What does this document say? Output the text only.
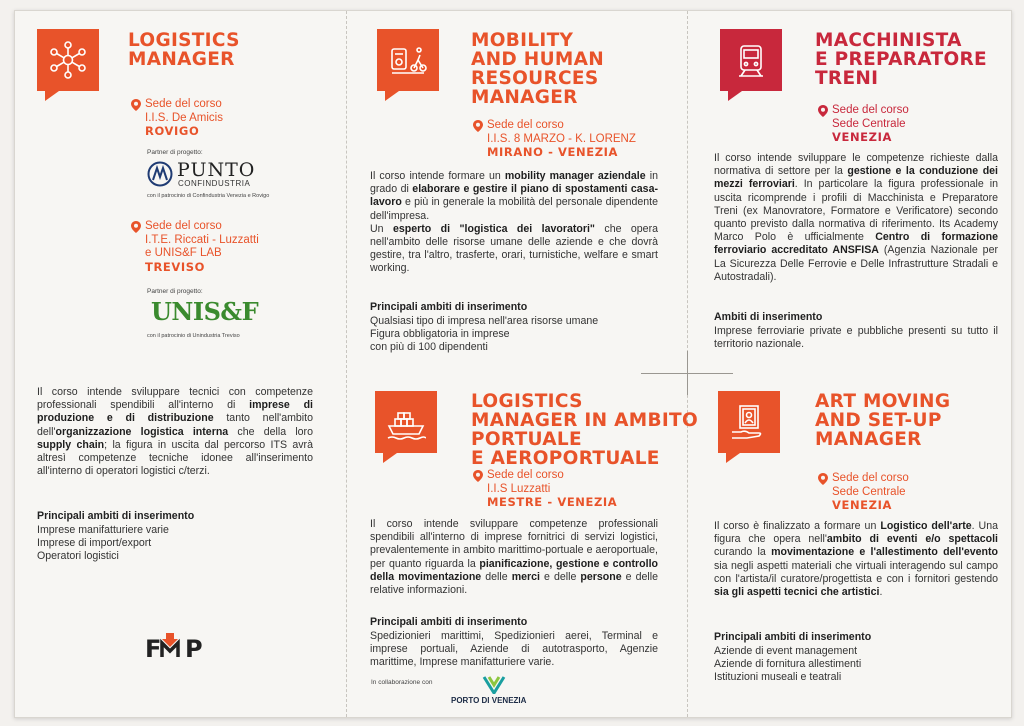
LOGISTICS
MANAGER
Sede del corso
I.I.S. De Amicis
ROVIGO
Partner di progetto:
PUNTO
CONFINDUSTRIA
con il patrocinio di Confindustria Venezia e Rovigo
Sede del corso
I.T.E. Riccati - Luzzatti
e UNIS&F LAB
TREVISO
Partner di progetto:
UNIS&F
con il patrocinio di Unindustria Treviso
Il corso intende sviluppare tecnici con competenze professionali spendibili all'interno di imprese di produzione e di distribuzione tanto nell'ambito dell'organizzazione logistica interna che della loro supply chain; la figura in uscita dal percorso ITS avrà altresì competenze tecniche idonee all'inserimento all'interno di operatori logistici c/terzi.
Principali ambiti di inserimento
Imprese manifatturiere varie
Imprese di import/export
Operatori logistici
F P
MOBILITY
AND HUMAN
RESOURCES
MANAGER
Sede del corso
I.I.S. 8 MARZO - K. LORENZ
MIRANO - VENEZIA
Il corso intende formare un mobility manager aziendale in grado di elaborare e gestire il piano di spostamenti casa-lavoro e più in generale la mobilità del personale dipendente dell'impresa.
Un esperto di "logistica dei lavoratori" che opera nell'ambito delle risorse umane delle aziende e che dovrà gestire, tra l'altro, trasferte, orari, turnistiche, welfare e smart working.
Principali ambiti di inserimento
Qualsiasi tipo di impresa nell'area risorse umane
Figura obbligatoria in imprese
con più di 100 dipendenti
LOGISTICS
MANAGER IN AMBITO
PORTUALE
E AEROPORTUALE
Sede del corso
I.I.S Luzzatti
MESTRE - VENEZIA
Il corso intende sviluppare competenze professionali spendibili all'interno di imprese fornitrici di servizi logistici, prevalentemente in ambito marittimo-portuale e aeroportuale, per quanto riguarda la pianificazione, gestione e controllo della movimentazione delle merci e delle persone e delle relative informazioni.
Principali ambiti di inserimento
Spedizionieri marittimi, Spedizionieri aerei, Terminal e imprese portuali, Aziende di autotrasporto, Agenzie marittime, Imprese manifatturiere varie.
In collaborazione con
PORTO DI VENEZIA
MACCHINISTA
E PREPARATORE
TRENI
Sede del corso
Sede Centrale
VENEZIA
Il corso intende sviluppare le competenze richieste dalla normativa di settore per la gestione e la conduzione dei mezzi ferroviari. In particolare la figura professionale in uscita ricomprende i profili di Macchinista e Preparatore Treni (ex Manovratore, Formatore e Verificatore) secondo quanto previsto dalla normativa di riferimento. Its Academy Marco Polo è ufficialmente Centro di formazione ferroviario accreditato ANSFISA (Agenzia Nazionale per La Sicurezza Delle Ferrovie e Delle Infrastrutture Stradali e Autostradali).
Ambiti di inserimento
Imprese ferroviarie private e pubbliche presenti su tutto il territorio nazionale.
ART MOVING
AND SET-UP
MANAGER
Sede del corso
Sede Centrale
VENEZIA
Il corso è finalizzato a formare un Logistico dell'arte. Una figura che opera nell'ambito di eventi e/o spettacoli curando la movimentazione e l'allestimento dell'evento sia negli aspetti materiali che virtuali interagendo sul campo con l'artista/il curatore/progettista e con i fornitori gestendo sia gli aspetti tecnici che artistici.
Principali ambiti di inserimento
Aziende di event management
Aziende di fornitura allestimenti
Istituzioni museali e teatrali
